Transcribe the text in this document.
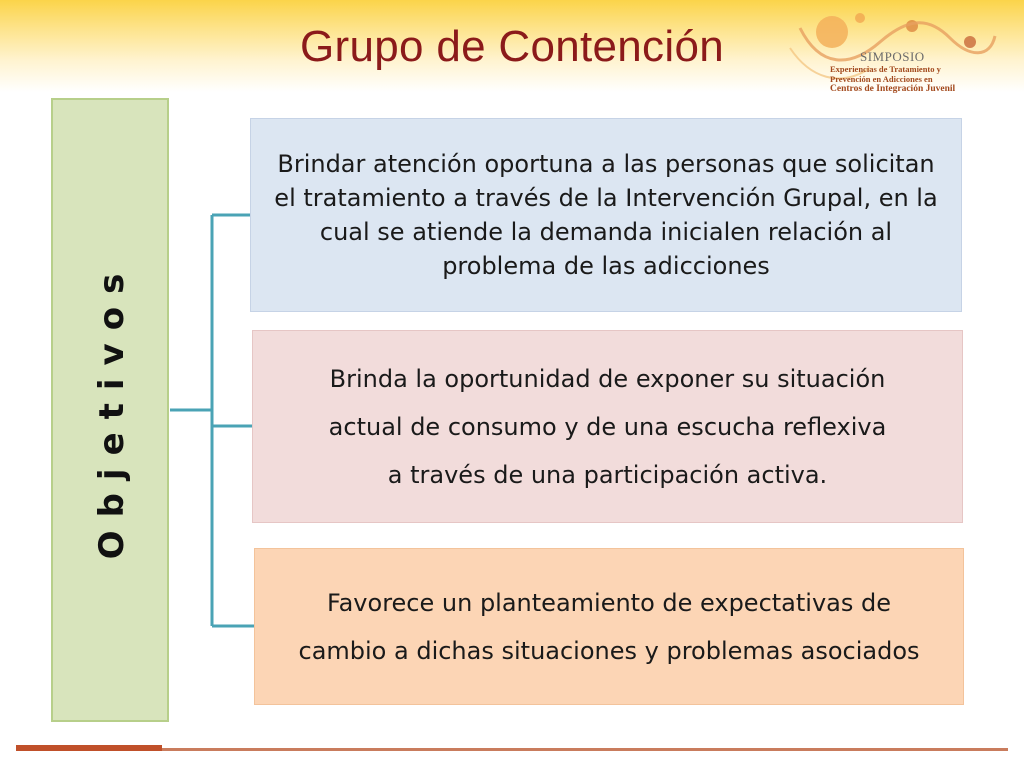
Grupo de Contención	SIMPOSIO
Experiencias de Tratamiento y
Prevención en Adicciones en
Centros de Integración Juvenil
Objetivos
Brindar atención oportuna a las personas que solicitan el tratamiento a través de la Intervención Grupal, en la cual se atiende la demanda inicialen relación al problema de las adicciones
Brinda la oportunidad de exponer su situación
actual de consumo y de una escucha reflexiva
a través de una participación activa.
Favorece un planteamiento de expectativas de
cambio a dichas situaciones y problemas asociados
